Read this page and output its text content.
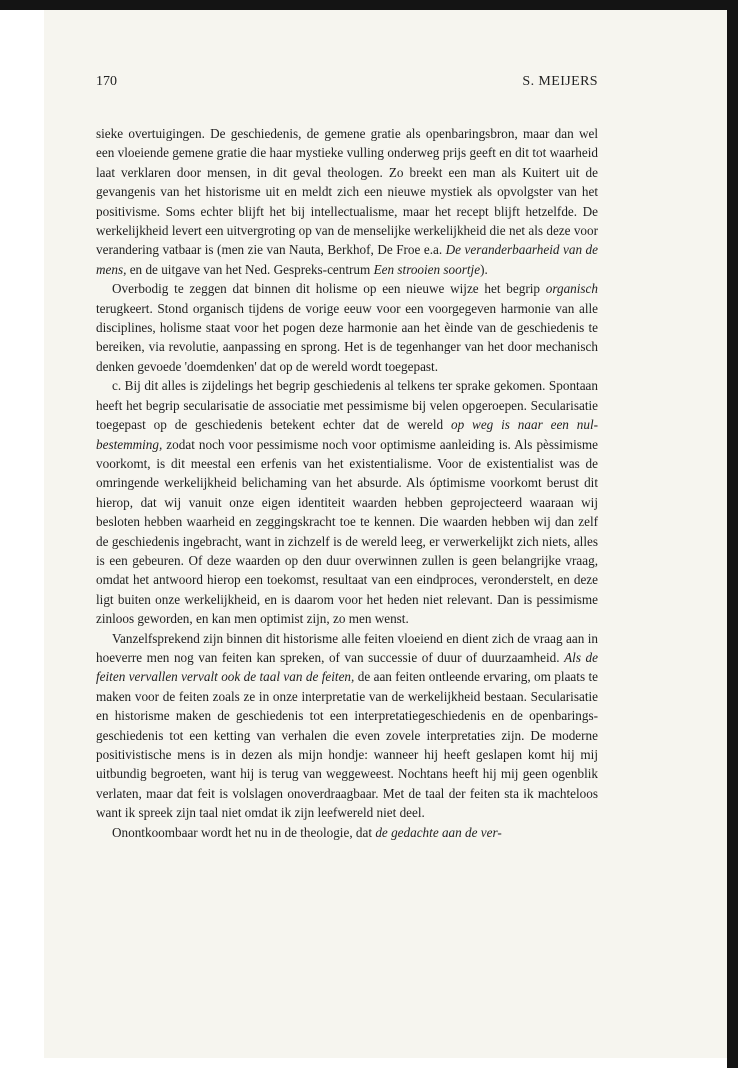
170	S. MEIJERS

sieke overtuigingen. De geschiedenis, de gemene gratie als openbaringsbron, maar dan wel een vloeiende gemene gratie die haar mystieke vulling onderweg prijs geeft en dit tot waarheid laat verklaren door mensen, in dit geval theologen. Zo breekt een man als Kuitert uit de gevangenis van het historisme uit en meldt zich een nieuwe mystiek als opvolgster van het positivisme. Soms echter blijft het bij intellectualisme, maar het recept blijft hetzelfde. De werkelijkheid levert een uitvergroting op van de menselijke werkelijkheid die net als deze voor verandering vatbaar is (men zie van Nauta, Berkhof, De Froe e.a. De veranderbaarheid van de mens, en de uitgave van het Ned. Gespreks-centrum Een strooien soortje).

Overbodig te zeggen dat binnen dit holisme op een nieuwe wijze het begrip organisch terugkeert. Stond organisch tijdens de vorige eeuw voor een voorgegeven harmonie van alle disciplines, holisme staat voor het pogen deze harmonie aan het èinde van de geschiedenis te bereiken, via revolutie, aanpassing en sprong. Het is de tegenhanger van het door mechanisch denken gevoede 'doemdenken' dat op de wereld wordt toegepast.

c. Bij dit alles is zijdelings het begrip geschiedenis al telkens ter sprake gekomen. Spontaan heeft het begrip secularisatie de associatie met pessimisme bij velen opgeroepen. Secularisatie toegepast op de geschiedenis betekent echter dat de wereld op weg is naar een nul-bestemming, zodat noch voor pessimisme noch voor optimisme aanleiding is. Als pèssimisme voorkomt, is dit meestal een erfenis van het existentialisme. Voor de existentialist was de omringende werkelijkheid belichaming van het absurde. Als óptimisme voorkomt berust dit hierop, dat wij vanuit onze eigen identiteit waarden hebben geprojecteerd waaraan wij besloten hebben waarheid en zeggingskracht toe te kennen. Die waarden hebben wij dan zelf de geschiedenis ingebracht, want in zichzelf is de wereld leeg, er verwerkelijkt zich niets, alles is een gebeuren. Of deze waarden op den duur overwinnen zullen is geen belangrijke vraag, omdat het antwoord hierop een toekomst, resultaat van een eindproces, veronderstelt, en deze ligt buiten onze werkelijkheid, en is daarom voor het heden niet relevant. Dan is pessimisme zinloos geworden, en kan men optimist zijn, zo men wenst.

Vanzelfsprekend zijn binnen dit historisme alle feiten vloeiend en dient zich de vraag aan in hoeverre men nog van feiten kan spreken, of van successie of duur of duurzaamheid. Als de feiten vervallen vervalt ook de taal van de feiten, de aan feiten ontleende ervaring, om plaats te maken voor de feiten zoals ze in onze interpretatie van de werkelijkheid bestaan. Secularisatie en historisme maken de geschiedenis tot een interpretatiegeschiedenis en de openbarings-geschiedenis tot een ketting van verhalen die even zovele interpretaties zijn. De moderne positivistische mens is in dezen als mijn hondje: wanneer hij heeft geslapen komt hij mij uitbundig begroeten, want hij is terug van weggeweest. Nochtans heeft hij mij geen ogenblik verlaten, maar dat feit is volslagen onoverdraagbaar. Met de taal der feiten sta ik machteloos want ik spreek zijn taal niet omdat ik zijn leefwereld niet deel.

Onontkoombaar wordt het nu in de theologie, dat de gedachte aan de ver-
